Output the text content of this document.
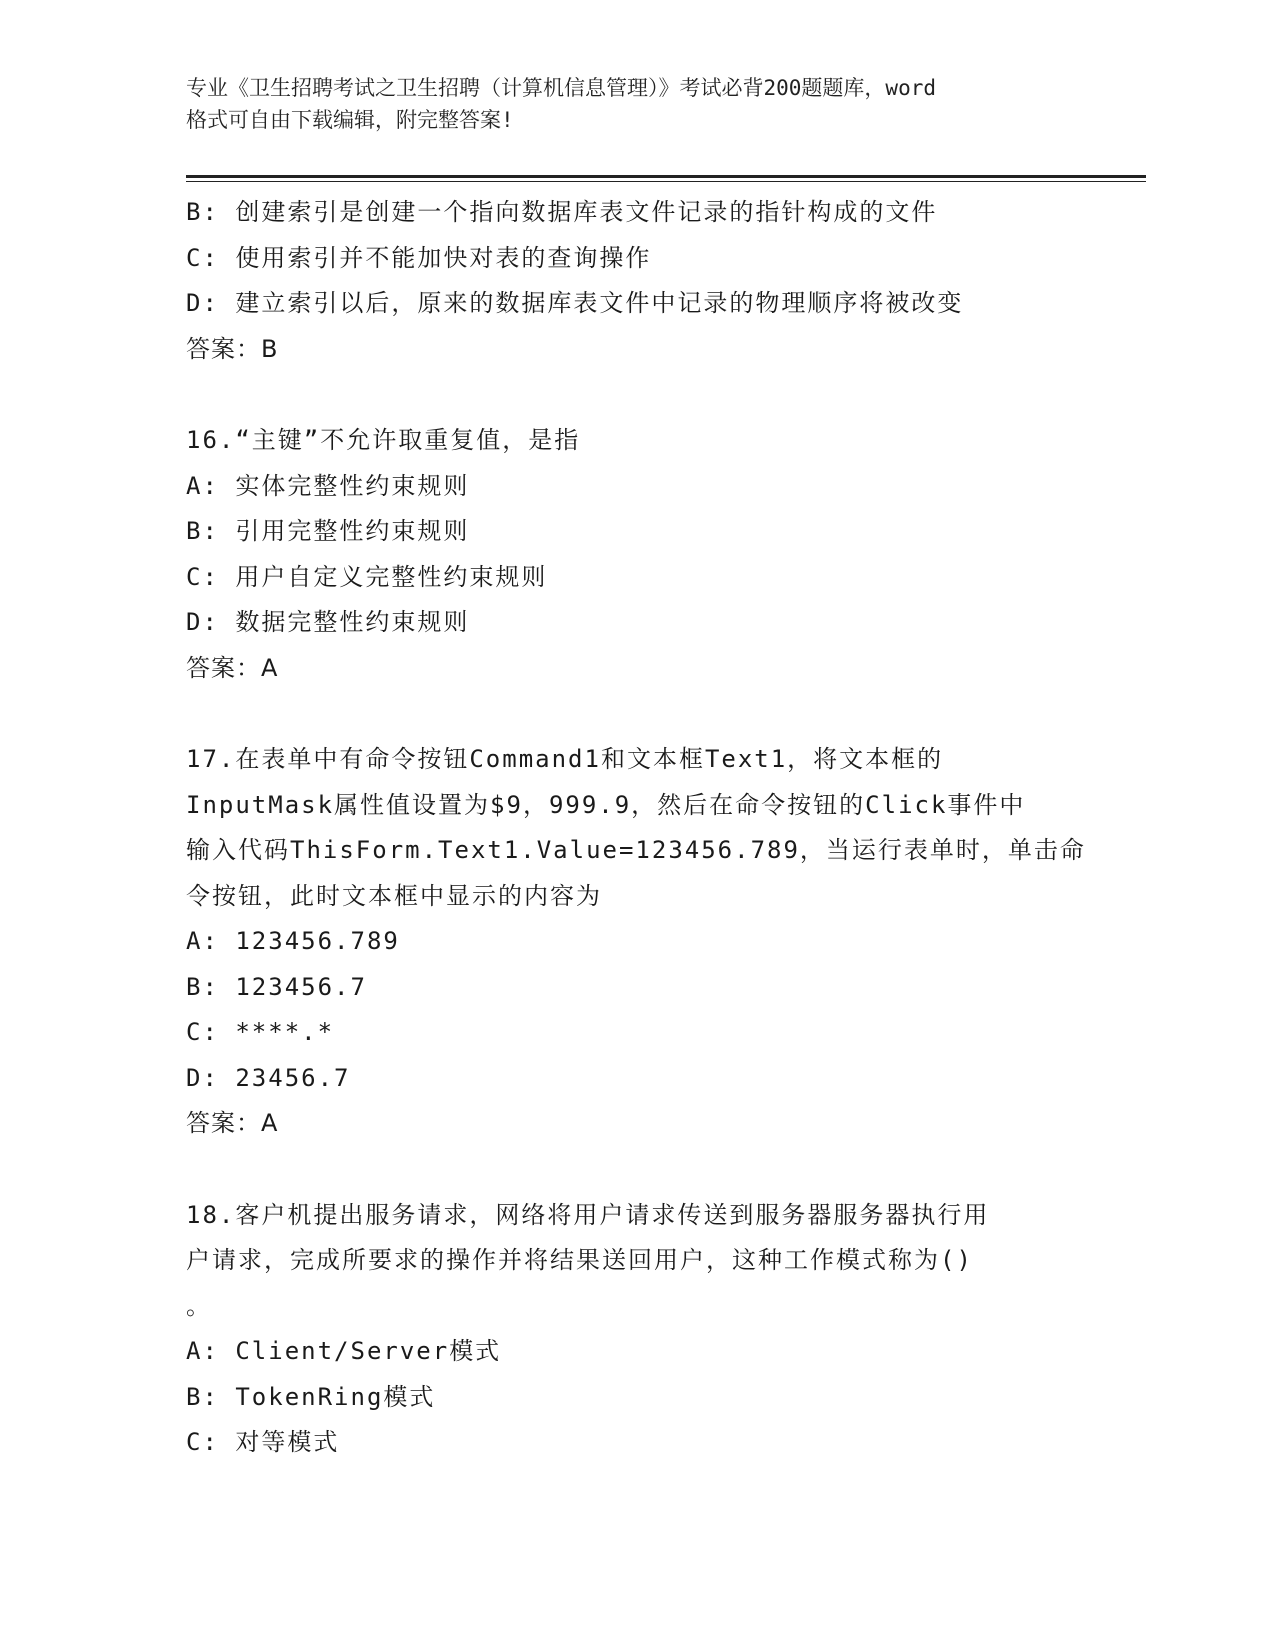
专业《卫生招聘考试之卫生招聘（计算机信息管理）》考试必背200题题库，word
格式可自由下载编辑，附完整答案!
B: 创建索引是创建一个指向数据库表文件记录的指针构成的文件
C: 使用索引并不能加快对表的查询操作
D: 建立索引以后，原来的数据库表文件中记录的物理顺序将被改变
答案：B
16.“主键”不允许取重复值，是指
A: 实体完整性约束规则
B: 引用完整性约束规则
C: 用户自定义完整性约束规则
D: 数据完整性约束规则
答案：A
17.在表单中有命令按钮Command1和文本框Text1，将文本框的
InputMask属性值设置为$9，999.9，然后在命令按钮的Click事件中
输入代码ThisForm.Text1.Value=123456.789，当运行表单时，单击命
令按钮，此时文本框中显示的内容为
A: 123456.789
B: 123456.7
C: ****.*
D: 23456.7
答案：A
18.客户机提出服务请求，网络将用户请求传送到服务器服务器执行用
户请求，完成所要求的操作并将结果送回用户，这种工作模式称为()
。
A: Client/Server模式
B: TokenRing模式
C: 对等模式
